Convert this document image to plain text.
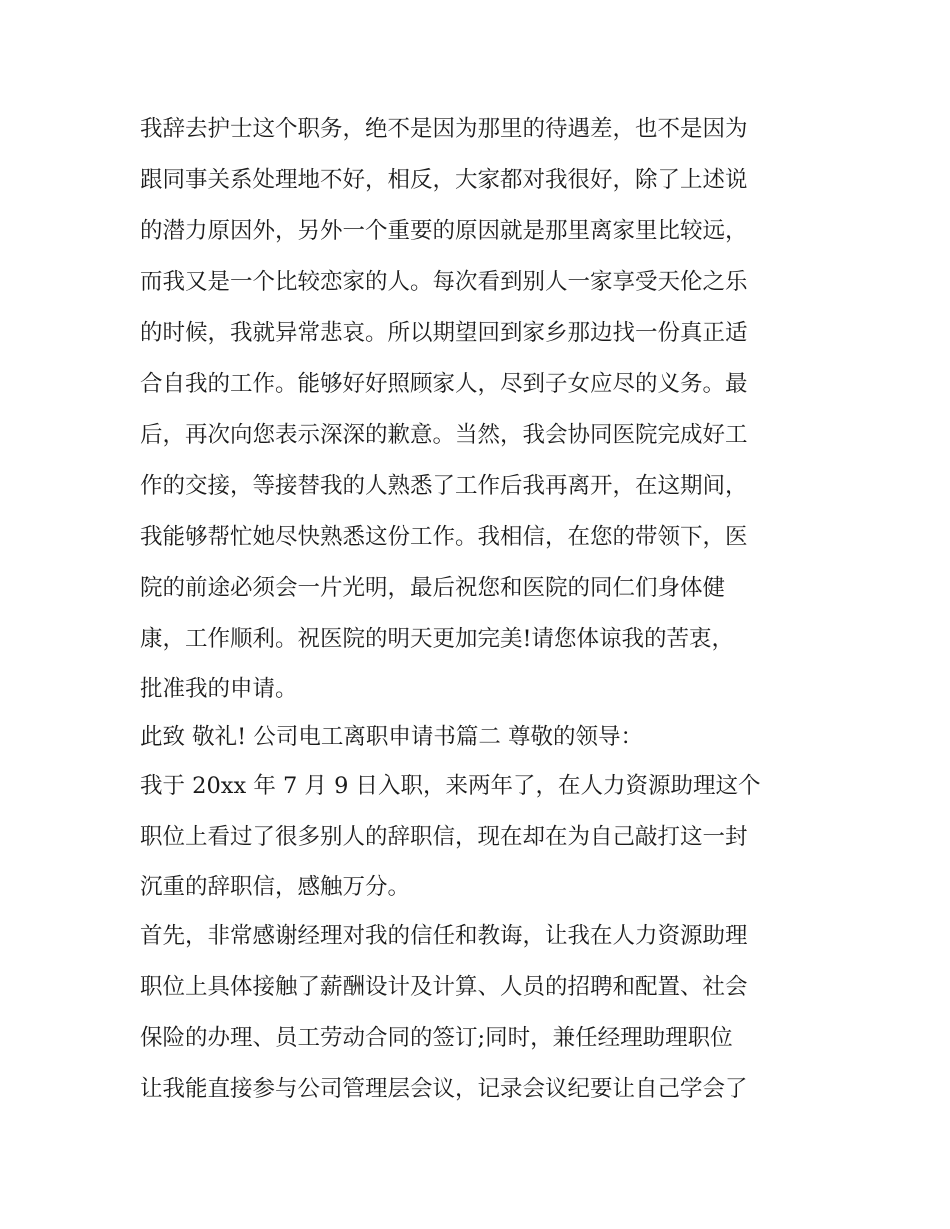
我辞去护士这个职务，绝不是因为那里的待遇差，也不是因为
跟同事关系处理地不好，相反，大家都对我很好，除了上述说
的潜力原因外，另外一个重要的原因就是那里离家里比较远，
而我又是一个比较恋家的人。每次看到别人一家享受天伦之乐
的时候，我就异常悲哀。所以期望回到家乡那边找一份真正适
合自我的工作。能够好好照顾家人，尽到子女应尽的义务。最
后，再次向您表示深深的歉意。当然，我会协同医院完成好工
作的交接，等接替我的人熟悉了工作后我再离开，在这期间，
我能够帮忙她尽快熟悉这份工作。我相信，在您的带领下，医
院的前途必须会一片光明，最后祝您和医院的同仁们身体健
康，工作顺利。祝医院的明天更加完美!请您体谅我的苦衷，
批准我的申请。

此致 敬礼! 公司电工离职申请书篇二 尊敬的领导：

我于 20xx 年 7 月 9 日入职，来两年了，在人力资源助理这个
职位上看过了很多别人的辞职信，现在却在为自己敲打这一封
沉重的辞职信，感触万分。

首先，非常感谢经理对我的信任和教诲，让我在人力资源助理
职位上具体接触了薪酬设计及计算、人员的招聘和配置、社会
保险的办理、员工劳动合同的签订;同时，兼任经理助理职位
让我能直接参与公司管理层会议，记录会议纪要让自己学会了
